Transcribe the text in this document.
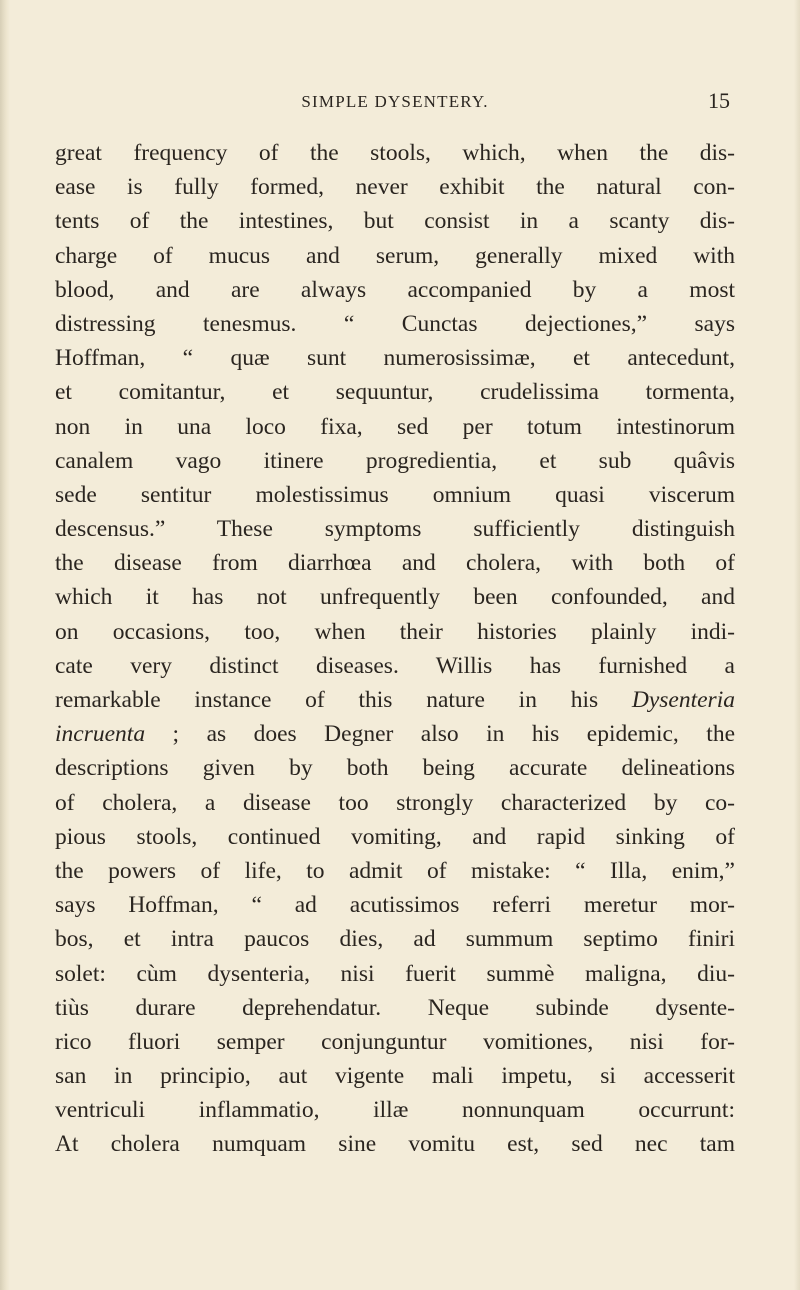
SIMPLE DYSENTERY.	15
great frequency of the stools, which, when the dis-
ease is fully formed, never exhibit the natural con-
tents of the intestines, but consist in a scanty dis-
charge of mucus and serum, generally mixed with
blood, and are always accompanied by a most
distressing tenesmus. “ Cunctas dejectiones,” says
Hoffman, “ quæ sunt numerosissimæ, et antecedunt,
et comitantur, et sequuntur, crudelissima tormenta,
non in una loco fixa, sed per totum intestinorum
canalem vago itinere progredientia, et sub quâvis
sede sentitur molestissimus omnium quasi viscerum
descensus.” These symptoms sufficiently distinguish
the disease from diarrhœa and cholera, with both of
which it has not unfrequently been confounded, and
on occasions, too, when their histories plainly indi-
cate very distinct diseases. Willis has furnished a
remarkable instance of this nature in his Dysenteria
incruenta ; as does Degner also in his epidemic, the
descriptions given by both being accurate delineations
of cholera, a disease too strongly characterized by co-
pious stools, continued vomiting, and rapid sinking of
the powers of life, to admit of mistake: “ Illa, enim,”
says Hoffman, “ ad acutissimos referri meretur mor-
bos, et intra paucos dies, ad summum septimo finiri
solet: cùm dysenteria, nisi fuerit summè maligna, diu-
tiùs durare deprehendatur. Neque subinde dysente-
rico fluori semper conjunguntur vomitiones, nisi for-
san in principio, aut vigente mali impetu, si accesserit
ventriculi inflammatio, illæ nonnunquam occurrunt:
At cholera numquam sine vomitu est, sed nec tam
